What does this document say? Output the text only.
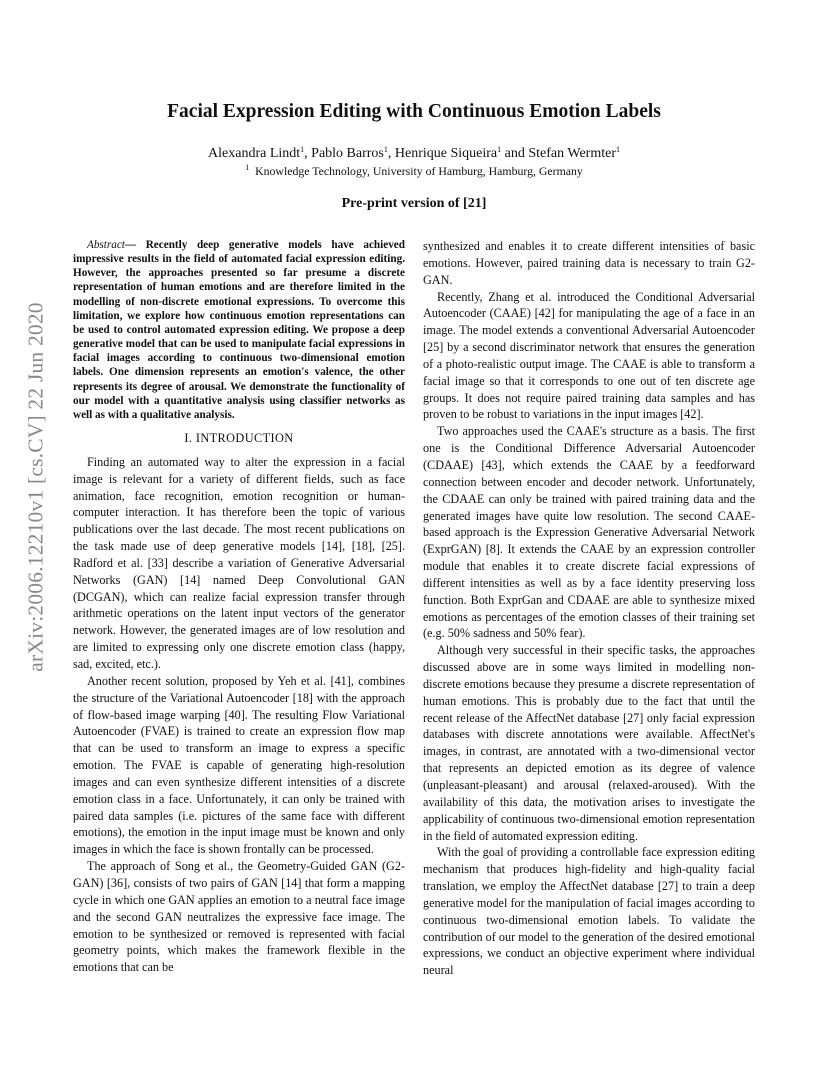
arXiv:2006.12210v1 [cs.CV] 22 Jun 2020
Facial Expression Editing with Continuous Emotion Labels
Alexandra Lindt$^1$, Pablo Barros$^1$, Henrique Siqueira$^1$ and Stefan Wermter$^1$
$^1$ Knowledge Technology, University of Hamburg, Hamburg, Germany
Pre-print version of [21]

Abstract— Recently deep generative models have achieved impressive results in the field of automated facial expression editing. However, the approaches presented so far presume a discrete representation of human emotions and are therefore limited in the modelling of non-discrete emotional expressions. To overcome this limitation, we explore how continuous emotion representations can be used to control automated expression editing. We propose a deep generative model that can be used to manipulate facial expressions in facial images according to continuous two-dimensional emotion labels. One dimension represents an emotion's valence, the other represents its degree of arousal. We demonstrate the functionality of our model with a quantitative analysis using classifier networks as well as with a qualitative analysis.

I. INTRODUCTION

Finding an automated way to alter the expression in a facial image is relevant for a variety of different fields, such as face animation, face recognition, emotion recognition or human-computer interaction. It has therefore been the topic of various publications over the last decade. The most recent publications on the task made use of deep generative models [14], [18], [25]. Radford et al. [33] describe a variation of Generative Adversarial Networks (GAN) [14] named Deep Convolutional GAN (DCGAN), which can realize facial expression transfer through arithmetic operations on the latent input vectors of the generator network. However, the generated images are of low resolution and are limited to expressing only one discrete emotion class (happy, sad, excited, etc.).

Another recent solution, proposed by Yeh et al. [41], combines the structure of the Variational Autoencoder [18] with the approach of flow-based image warping [40]. The resulting Flow Variational Autoencoder (FVAE) is trained to create an expression flow map that can be used to transform an image to express a specific emotion. The FVAE is capable of generating high-resolution images and can even synthesize different intensities of a discrete emotion class in a face. Unfortunately, it can only be trained with paired data samples (i.e. pictures of the same face with different emotions), the emotion in the input image must be known and only images in which the face is shown frontally can be processed.

The approach of Song et al., the Geometry-Guided GAN (G2-GAN) [36], consists of two pairs of GAN [14] that form a mapping cycle in which one GAN applies an emotion to a neutral face image and the second GAN neutralizes the expressive face image. The emotion to be synthesized or removed is represented with facial geometry points, which makes the framework flexible in the emotions that can be

synthesized and enables it to create different intensities of basic emotions. However, paired training data is necessary to train G2-GAN.

Recently, Zhang et al. introduced the Conditional Adversarial Autoencoder (CAAE) [42] for manipulating the age of a face in an image. The model extends a conventional Adversarial Autoencoder [25] by a second discriminator network that ensures the generation of a photo-realistic output image. The CAAE is able to transform a facial image so that it corresponds to one out of ten discrete age groups. It does not require paired training data samples and has proven to be robust to variations in the input images [42].

Two approaches used the CAAE's structure as a basis. The first one is the Conditional Difference Adversarial Autoencoder (CDAAE) [43], which extends the CAAE by a feedforward connection between encoder and decoder network. Unfortunately, the CDAAE can only be trained with paired training data and the generated images have quite low resolution. The second CAAE-based approach is the Expression Generative Adversarial Network (ExprGAN) [8]. It extends the CAAE by an expression controller module that enables it to create discrete facial expressions of different intensities as well as by a face identity preserving loss function. Both ExprGan and CDAAE are able to synthesize mixed emotions as percentages of the emotion classes of their training set (e.g. 50% sadness and 50% fear).

Although very successful in their specific tasks, the approaches discussed above are in some ways limited in modelling non-discrete emotions because they presume a discrete representation of human emotions. This is probably due to the fact that until the recent release of the AffectNet database [27] only facial expression databases with discrete annotations were available. AffectNet's images, in contrast, are annotated with a two-dimensional vector that represents an depicted emotion as its degree of valence (unpleasant-pleasant) and arousal (relaxed-aroused). With the availability of this data, the motivation arises to investigate the applicability of continuous two-dimensional emotion representation in the field of automated expression editing.

With the goal of providing a controllable face expression editing mechanism that produces high-fidelity and high-quality facial translation, we employ the AffectNet database [27] to train a deep generative model for the manipulation of facial images according to continuous two-dimensional emotion labels. To validate the contribution of our model to the generation of the desired emotional expressions, we conduct an objective experiment where individual neural
